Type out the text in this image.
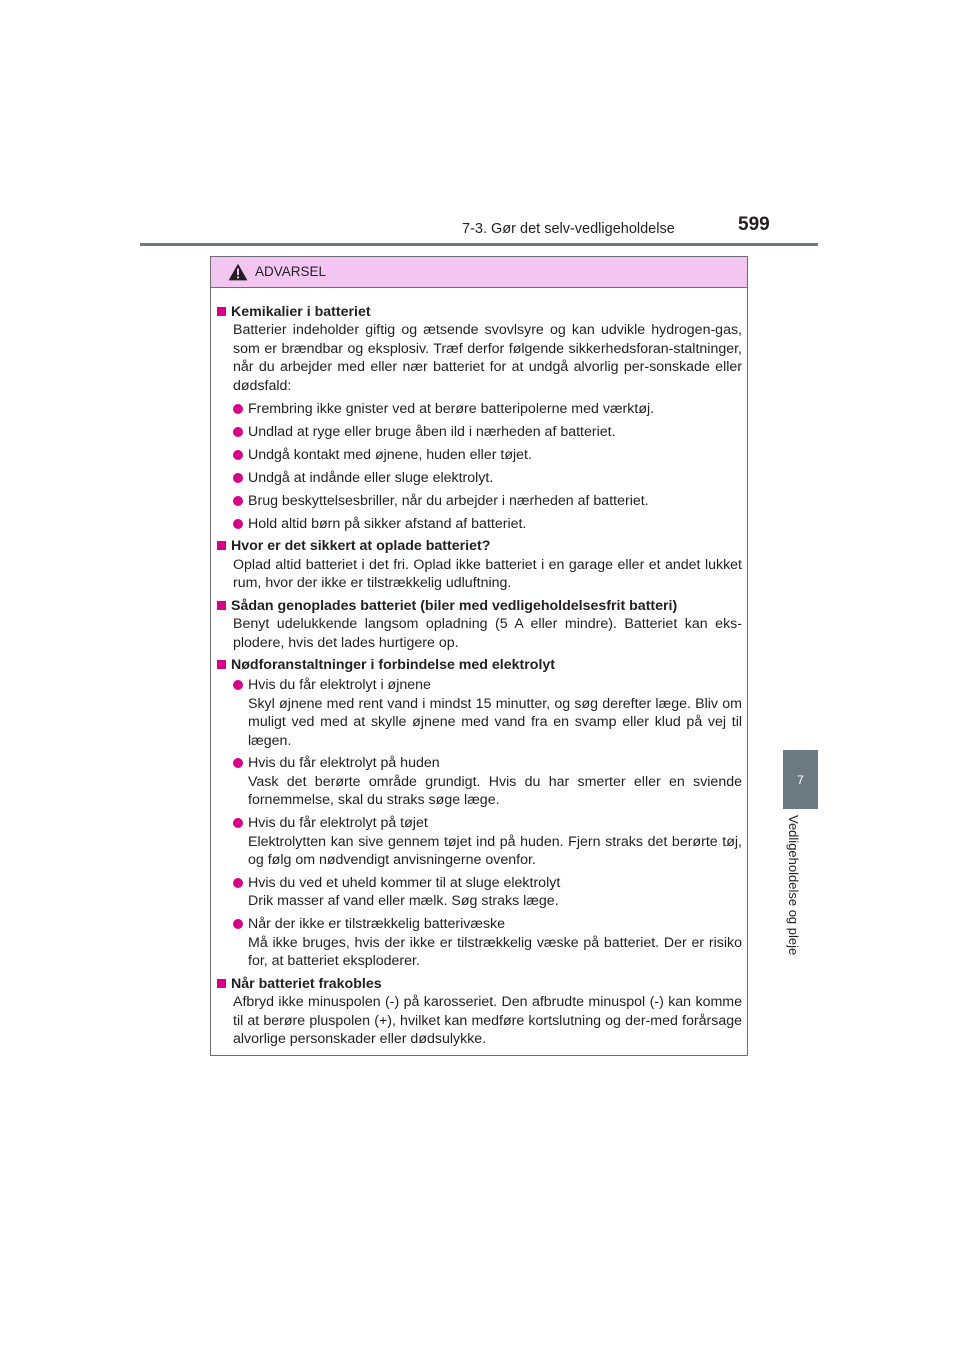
7-3. Gør det selv-vedligeholdelse	599
7
Vedligeholdelse og pleje
ADVARSEL
Kemikalier i batteriet
Batterier indeholder giftig og ætsende svovlsyre og kan udvikle hydrogen-gas, som er brændbar og eksplosiv. Træf derfor følgende sikkerhedsforan-staltninger, når du arbejder med eller nær batteriet for at undgå alvorlig per-sonskade eller dødsfald:
Frembring ikke gnister ved at berøre batteripolerne med værktøj.
Undlad at ryge eller bruge åben ild i nærheden af batteriet.
Undgå kontakt med øjnene, huden eller tøjet.
Undgå at indånde eller sluge elektrolyt.
Brug beskyttelsesbriller, når du arbejder i nærheden af batteriet.
Hold altid børn på sikker afstand af batteriet.
Hvor er det sikkert at oplade batteriet?
Oplad altid batteriet i det fri. Oplad ikke batteriet i en garage eller et andet lukket rum, hvor der ikke er tilstrækkelig udluftning.
Sådan genoplades batteriet (biler med vedligeholdelsesfrit batteri)
Benyt udelukkende langsom opladning (5 A eller mindre). Batteriet kan eks-plodere, hvis det lades hurtigere op.
Nødforanstaltninger i forbindelse med elektrolyt
Hvis du får elektrolyt i øjnene
Skyl øjnene med rent vand i mindst 15 minutter, og søg derefter læge. Bliv om muligt ved med at skylle øjnene med vand fra en svamp eller klud på vej til lægen.
Hvis du får elektrolyt på huden
Vask det berørte område grundigt. Hvis du har smerter eller en sviende fornemmelse, skal du straks søge læge.
Hvis du får elektrolyt på tøjet
Elektrolytten kan sive gennem tøjet ind på huden. Fjern straks det berørte tøj, og følg om nødvendigt anvisningerne ovenfor.
Hvis du ved et uheld kommer til at sluge elektrolyt
Drik masser af vand eller mælk. Søg straks læge.
Når der ikke er tilstrækkelig batterivæske
Må ikke bruges, hvis der ikke er tilstrækkelig væske på batteriet. Der er risiko for, at batteriet eksploderer.
Når batteriet frakobles
Afbryd ikke minuspolen (-) på karosseriet. Den afbrudte minuspol (-) kan komme til at berøre pluspolen (+), hvilket kan medføre kortslutning og der-med forårsage alvorlige personskader eller dødsulykke.
